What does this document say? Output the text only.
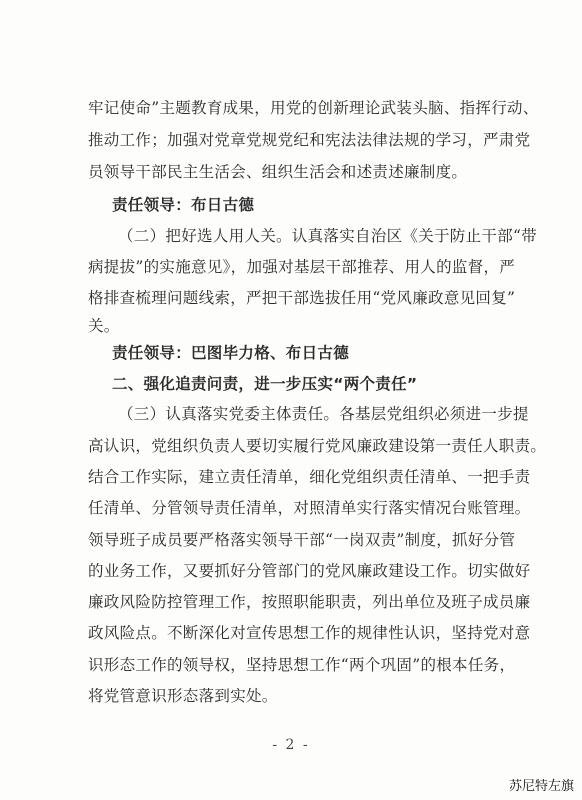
牢记使命”主题教育成果，用党的创新理论武装头脑、指挥行动、
推动工作；加强对党章党规党纪和宪法法律法规的学习，严肃党
员领导干部民主生活会、组织生活会和述责述廉制度。
责任领导：布日古德
（二）把好选人用人关。认真落实自治区《关于防止干部“带
病提拔”的实施意见》，加强对基层干部推荐、用人的监督，严
格排查梳理问题线索，严把干部选拔任用“党风廉政意见回复”
关。
责任领导：巴图毕力格、布日古德
二、强化追责问责，进一步压实“两个责任”
（三）认真落实党委主体责任。各基层党组织必须进一步提
高认识，党组织负责人要切实履行党风廉政建设第一责任人职责。
结合工作实际，建立责任清单，细化党组织责任清单、一把手责
任清单、分管领导责任清单，对照清单实行落实情况台账管理。
领导班子成员要严格落实领导干部“一岗双责”制度，抓好分管
的业务工作，又要抓好分管部门的党风廉政建设工作。切实做好
廉政风险防控管理工作，按照职能职责，列出单位及班子成员廉
政风险点。不断深化对宣传思想工作的规律性认识，坚持党对意
识形态工作的领导权，坚持思想工作“两个巩固”的根本任务，
将党管意识形态落到实处。
- 2 -
苏尼特左旗
